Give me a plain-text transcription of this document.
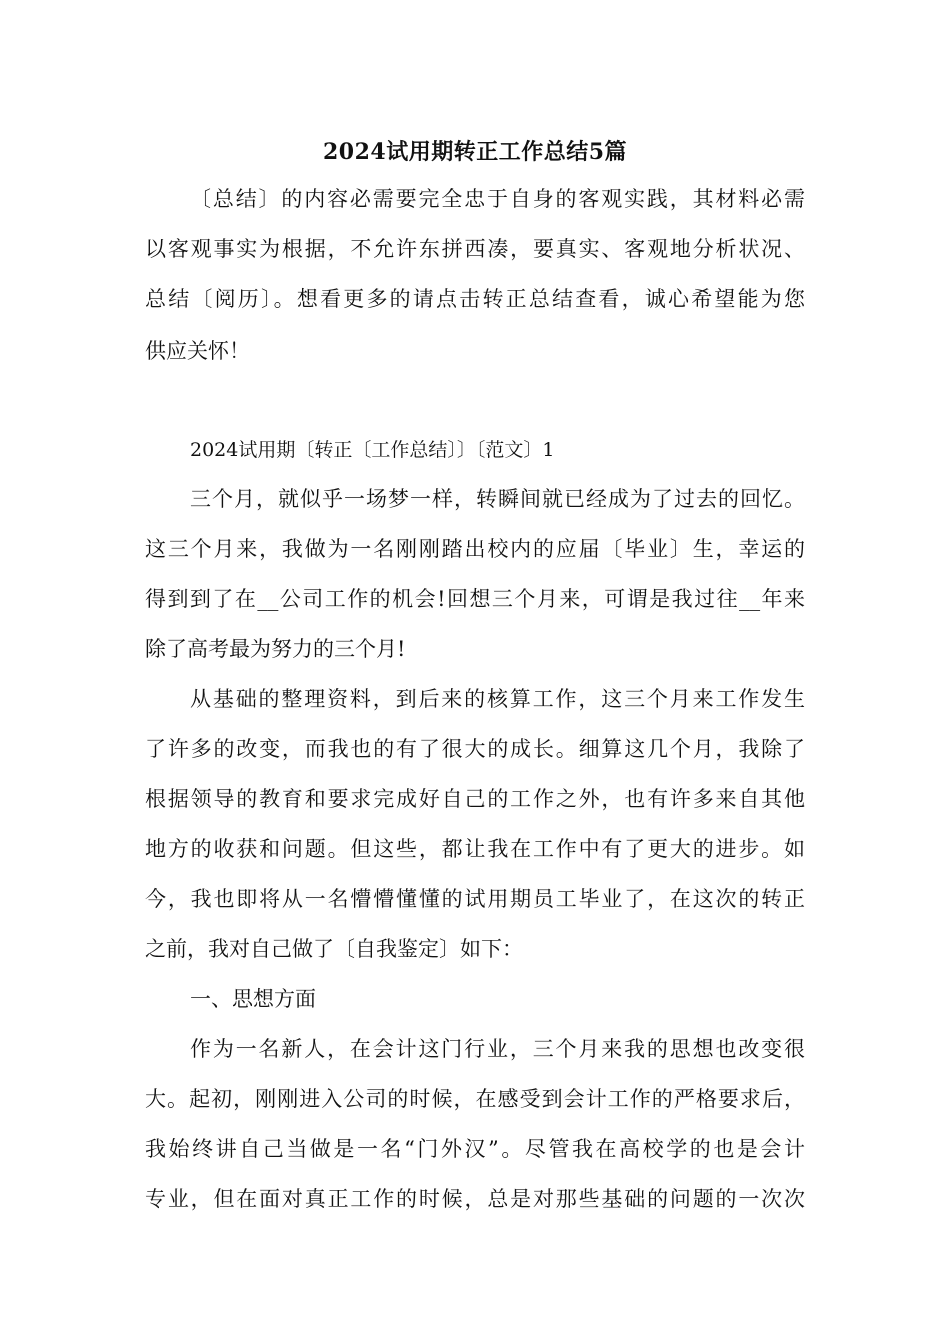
2024试用期转正工作总结5篇
〔总结〕的内容必需要完全忠于自身的客观实践，其材料必需
以客观事实为根据，不允许东拼西凑，要真实、客观地分析状况、
总结〔阅历〕。想看更多的请点击转正总结查看，诚心希望能为您
供应关怀！
2024试用期〔转正〔工作总结〕〕〔范文〕1
三个月，就似乎一场梦一样，转瞬间就已经成为了过去的回忆。
这三个月来，我做为一名刚刚踏出校内的应届〔毕业〕生，幸运的
得到到了在__公司工作的机会!回想三个月来，可谓是我过往__年来
除了高考最为努力的三个月!
从基础的整理资料，到后来的核算工作，这三个月来工作发生
了许多的改变，而我也的有了很大的成长。细算这几个月，我除了
根据领导的教育和要求完成好自己的工作之外，也有许多来自其他
地方的收获和问题。但这些，都让我在工作中有了更大的进步。如
今，我也即将从一名懵懵懂懂的试用期员工毕业了，在这次的转正
之前，我对自己做了〔自我鉴定〕如下：
一、思想方面
作为一名新人，在会计这门行业，三个月来我的思想也改变很
大。起初，刚刚进入公司的时候，在感受到会计工作的严格要求后，
我始终讲自己当做是一名“门外汉”。尽管我在高校学的也是会计
专业，但在面对真正工作的时候，总是对那些基础的问题的一次次
